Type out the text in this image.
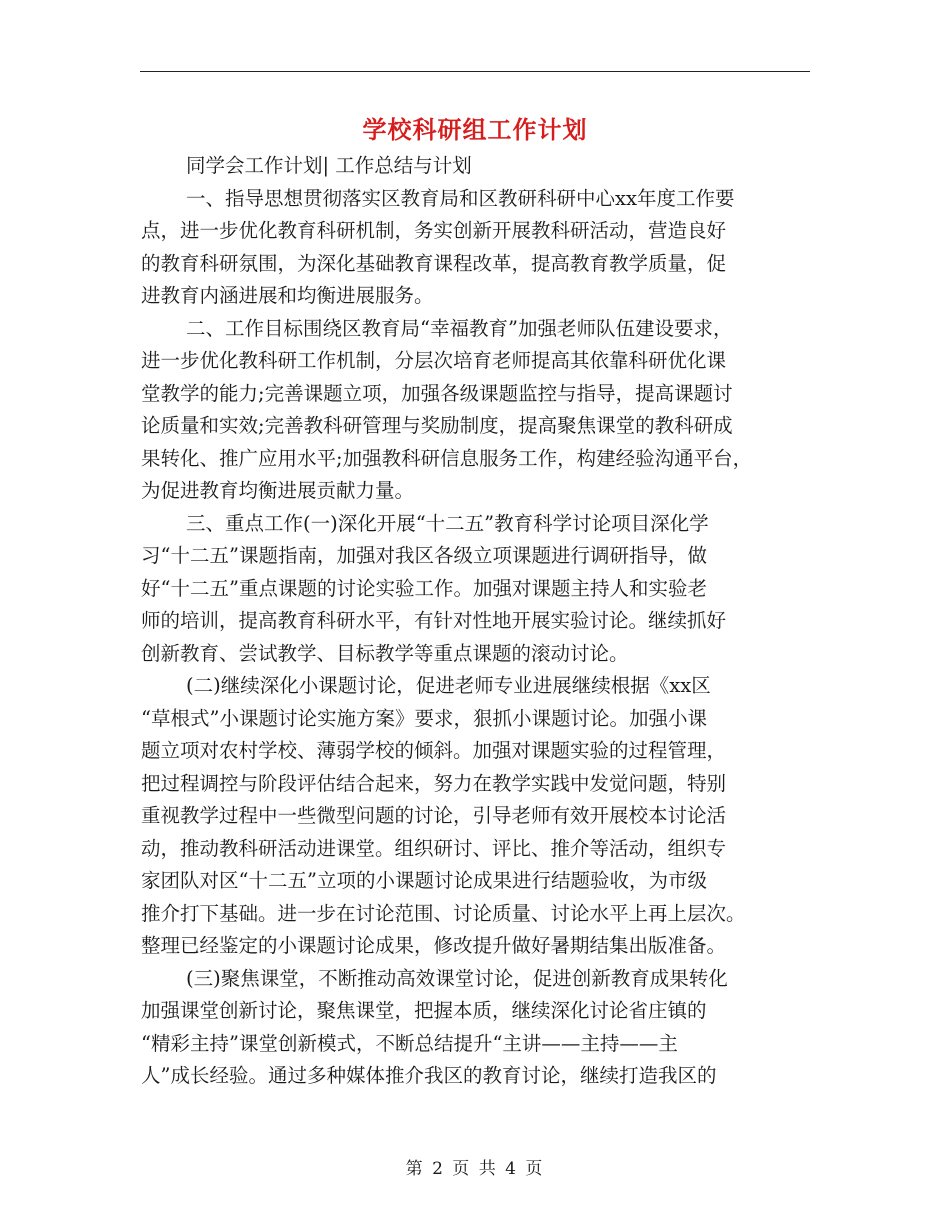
学校科研组工作计划
同学会工作计划| 工作总结与计划
一、指导思想贯彻落实区教育局和区教研科研中心xx年度工作要
点，进一步优化教育科研机制，务实创新开展教科研活动，营造良好
的教育科研氛围，为深化基础教育课程改革，提高教育教学质量，促
进教育内涵进展和均衡进展服务。
二、工作目标围绕区教育局“幸福教育”加强老师队伍建设要求，
进一步优化教科研工作机制，分层次培育老师提高其依靠科研优化课
堂教学的能力;完善课题立项，加强各级课题监控与指导，提高课题讨
论质量和实效;完善教科研管理与奖励制度，提高聚焦课堂的教科研成
果转化、推广应用水平;加强教科研信息服务工作，构建经验沟通平台，
为促进教育均衡进展贡献力量。
三、重点工作(一)深化开展“十二五”教育科学讨论项目深化学
习“十二五”课题指南，加强对我区各级立项课题进行调研指导，做
好“十二五”重点课题的讨论实验工作。加强对课题主持人和实验老
师的培训，提高教育科研水平，有针对性地开展实验讨论。继续抓好
创新教育、尝试教学、目标教学等重点课题的滚动讨论。
(二)继续深化小课题讨论，促进老师专业进展继续根据《xx区
“草根式”小课题讨论实施方案》要求，狠抓小课题讨论。加强小课
题立项对农村学校、薄弱学校的倾斜。加强对课题实验的过程管理，
把过程调控与阶段评估结合起来，努力在教学实践中发觉问题，特别
重视教学过程中一些微型问题的讨论，引导老师有效开展校本讨论活
动，推动教科研活动进课堂。组织研讨、评比、推介等活动，组织专
家团队对区“十二五”立项的小课题讨论成果进行结题验收，为市级
推介打下基础。进一步在讨论范围、讨论质量、讨论水平上再上层次。
整理已经鉴定的小课题讨论成果，修改提升做好暑期结集出版准备。
(三)聚焦课堂，不断推动高效课堂讨论，促进创新教育成果转化
加强课堂创新讨论，聚焦课堂，把握本质，继续深化讨论省庄镇的
“精彩主持”课堂创新模式，不断总结提升“主讲——主持——主
人”成长经验。通过多种媒体推介我区的教育讨论，继续打造我区的
第 2 页 共 4 页
